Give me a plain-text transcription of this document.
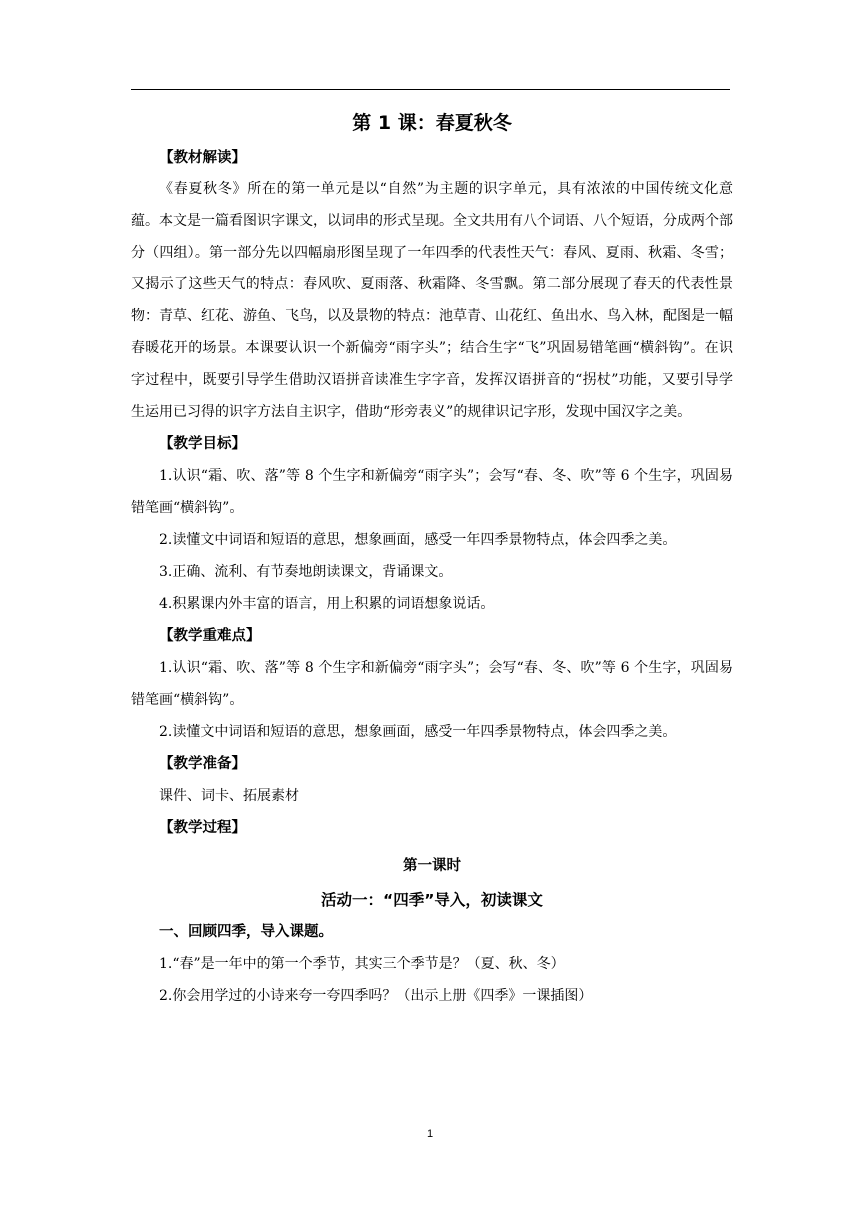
第 1 课：春夏秋冬
【教材解读】

《春夏秋冬》所在的第一单元是以“自然”为主题的识字单元，具有浓浓的中国传统文化意蕴。本文是一篇看图识字课文，以词串的形式呈现。全文共用有八个词语、八个短语，分成两个部分（四组）。第一部分先以四幅扇形图呈现了一年四季的代表性天气：春风、夏雨、秋霜、冬雪；又揭示了这些天气的特点：春风吹、夏雨落、秋霜降、冬雪飘。第二部分展现了春天的代表性景物：青草、红花、游鱼、飞鸟，以及景物的特点：池草青、山花红、鱼出水、鸟入林，配图是一幅春暖花开的场景。本课要认识一个新偏旁“雨字头”；结合生字“飞”巩固易错笔画“横斜钩”。在识字过程中，既要引导学生借助汉语拼音读准生字字音，发挥汉语拼音的“拐杖”功能，又要引导学生运用已习得的识字方法自主识字，借助“形旁表义”的规律识记字形，发现中国汉字之美。

【教学目标】

1.认识“霜、吹、落”等 8 个生字和新偏旁“雨字头”；会写“春、冬、吹”等 6 个生字，巩固易错笔画“横斜钩”。

2.读懂文中词语和短语的意思，想象画面，感受一年四季景物特点，体会四季之美。

3.正确、流利、有节奏地朗读课文，背诵课文。

4.积累课内外丰富的语言，用上积累的词语想象说话。

【教学重难点】

1.认识“霜、吹、落”等 8 个生字和新偏旁“雨字头”；会写“春、冬、吹”等 6 个生字，巩固易错笔画“横斜钩”。

2.读懂文中词语和短语的意思，想象画面，感受一年四季景物特点，体会四季之美。

【教学准备】

课件、词卡、拓展素材

【教学过程】
第一课时
活动一：“四季”导入，初读课文
一、回顾四季，导入课题。

1.“春”是一年中的第一个季节，其实三个季节是？（夏、秋、冬）

2.你会用学过的小诗来夸一夸四季吗？（出示上册《四季》一课插图）

1
